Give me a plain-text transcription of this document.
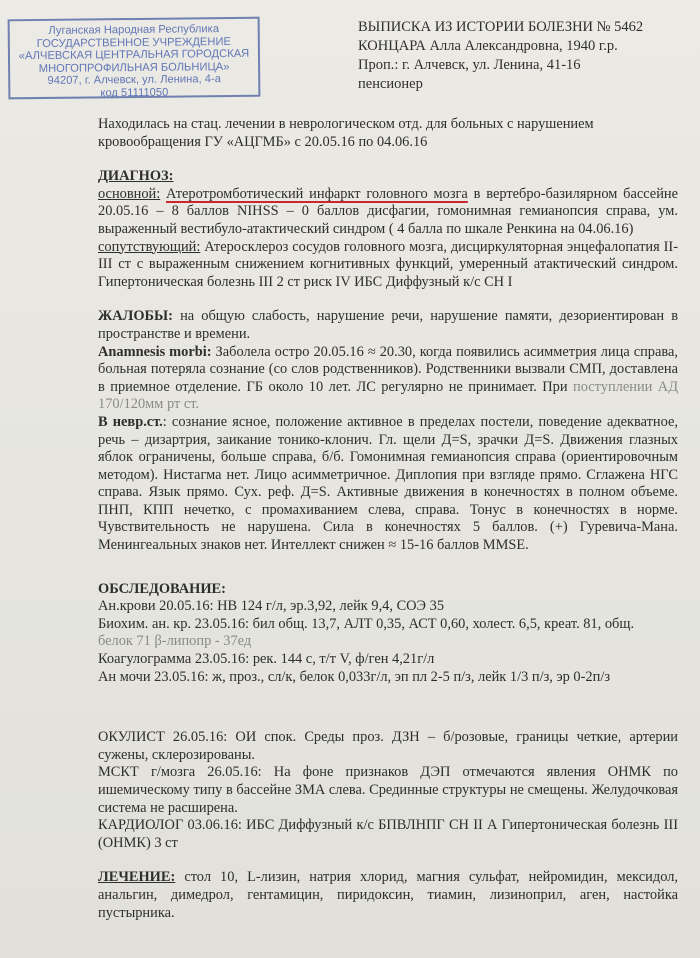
Луганская Народная Республика
ГОСУДАРСТВЕННОЕ УЧРЕЖДЕНИЕ
«АЛЧЕВСКАЯ ЦЕНТРАЛЬНАЯ ГОРОДСКАЯ
МНОГОПРОФИЛЬНАЯ БОЛЬНИЦА»
94207, г. Алчевск, ул. Ленина, 4-а
код 51111050
ВЫПИСКА ИЗ ИСТОРИИ БОЛЕЗНИ № 5462
КОНЦАРА Алла Александровна, 1940 г.р.
Проп.: г. Алчевск, ул. Ленина, 41-16
пенсионер
Находилась на стац. лечении в неврологическом отд. для больных с нарушением кровообращения ГУ «АЦГМБ» с 20.05.16 по 04.06.16
ДИАГНОЗ:
основной: Атеротромботический инфаркт головного мозга в вертебро-базилярном бассейне 20.05.16 – 8 баллов NIHSS – 0 баллов дисфагии, гомонимная гемианопсия справа, ум. выраженный вестибуло-атактический синдром ( 4 балла по шкале Ренкина на 04.06.16)
сопутствующий: Атеросклероз сосудов головного мозга, дисциркуляторная энцефалопатия II-III ст с выраженным снижением когнитивных функций, умеренный атактический синдром. Гипертоническая болезнь III 2 ст риск IV ИБС Диффузный к/с СН I
ЖАЛОБЫ: на общую слабость, нарушение речи, нарушение памяти, дезориентирован в пространстве и времени.
Anamnesis morbi: Заболела остро 20.05.16 ≈ 20.30, когда появились асимметрия лица справа, больная потеряла сознание (со слов родственников). Родственники вызвали СМП, доставлена в приемное отделение. ГБ около 10 лет. ЛС регулярно не принимает. При поступлении АД 170/120мм рт ст.
В невр.ст.: сознание ясное, положение активное в пределах постели, поведение адекватное, речь – дизартрия, заикание тонико-клонич. Гл. щели Д=S, зрачки Д=S. Движения глазных яблок ограничены, больше справа, б/б. Гомонимная гемианопсия справа (ориентировочным методом). Нистагма нет. Лицо асимметричное. Диплопия при взгляде прямо. Сглажена НГС справа. Язык прямо. Сух. реф. Д=S. Активные движения в конечностях в полном объеме. ПНП, КПП нечетко, с промахиванием слева, справа. Тонус в конечностях в норме. Чувствительность не нарушена. Сила в конечностях 5 баллов. (+) Гуревича-Мана. Менингеальных знаков нет. Интеллект снижен ≈ 15-16 баллов MMSE.
ОБСЛЕДОВАНИЕ:
Ан.крови 20.05.16: НВ 124 г/л, эр.3,92, лейк 9,4, СОЭ 35
Биохим. ан. кр. 23.05.16: бил общ. 13,7, АЛТ 0,35, АСТ 0,60, холест. 6,5, креат. 81, общ.
белок 71 β-липопр - 37ед
Коагулограмма 23.05.16: рек. 144 с, т/т V, ф/ген 4,21г/л
Ан мочи 23.05.16: ж, проз., сл/к, белок 0,033г/л, эп пл 2-5 п/з, лейк 1/3 п/з, эр 0-2п/з
ОКУЛИСТ 26.05.16: ОИ спок. Среды проз. ДЗН – б/розовые, границы четкие, артерии сужены, склерозированы.
МСКТ г/мозга 26.05.16: На фоне признаков ДЭП отмечаются явления ОНМК по ишемическому типу в бассейне ЗМА слева. Срединные структуры не смещены. Желудочковая система не расширена.
КАРДИОЛОГ 03.06.16: ИБС Диффузный к/с БПВЛНПГ СН II А Гипертоническая болезнь III (ОНМК) 3 ст
ЛЕЧЕНИЕ: стол 10, L-лизин, натрия хлорид, магния сульфат, нейромидин, мексидол, анальгин, димедрол, гентамицин, пиридоксин, тиамин, лизиноприл, аген, настойка пустырника.
